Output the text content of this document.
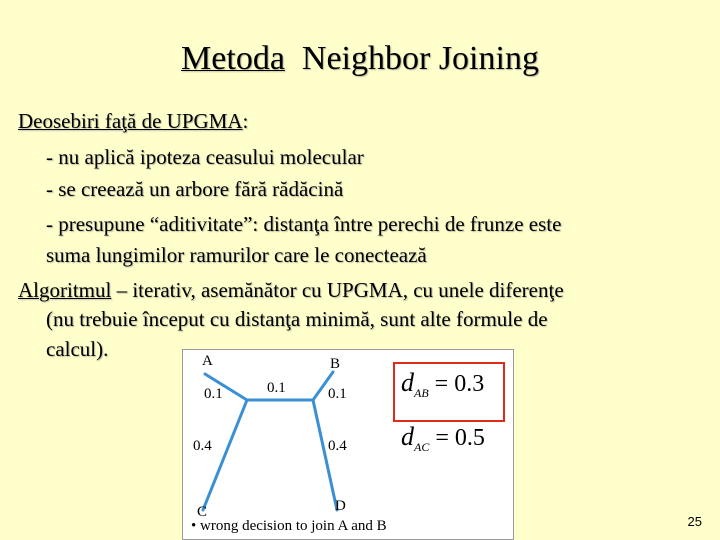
Metoda Neighbor Joining
Deosebiri faţă de UPGMA:
- nu aplică ipoteza ceasului molecular
- se creează un arbore fără rădăcină
- presupune “aditivitate”: distanţa între perechi de frunze este
suma lungimilor ramurilor care le conectează
Algoritmul – iterativ, asemănător cu UPGMA, cu unele diferenţe
(nu trebuie început cu distanţa minimă, sunt alte formule de
calcul).	A	B
C	D
0.1	0.1	0.1
0.4	0.4
$d_{AB} = 0.3$
$d_{AC} = 0.5$
• wrong decision to join A and B	25
